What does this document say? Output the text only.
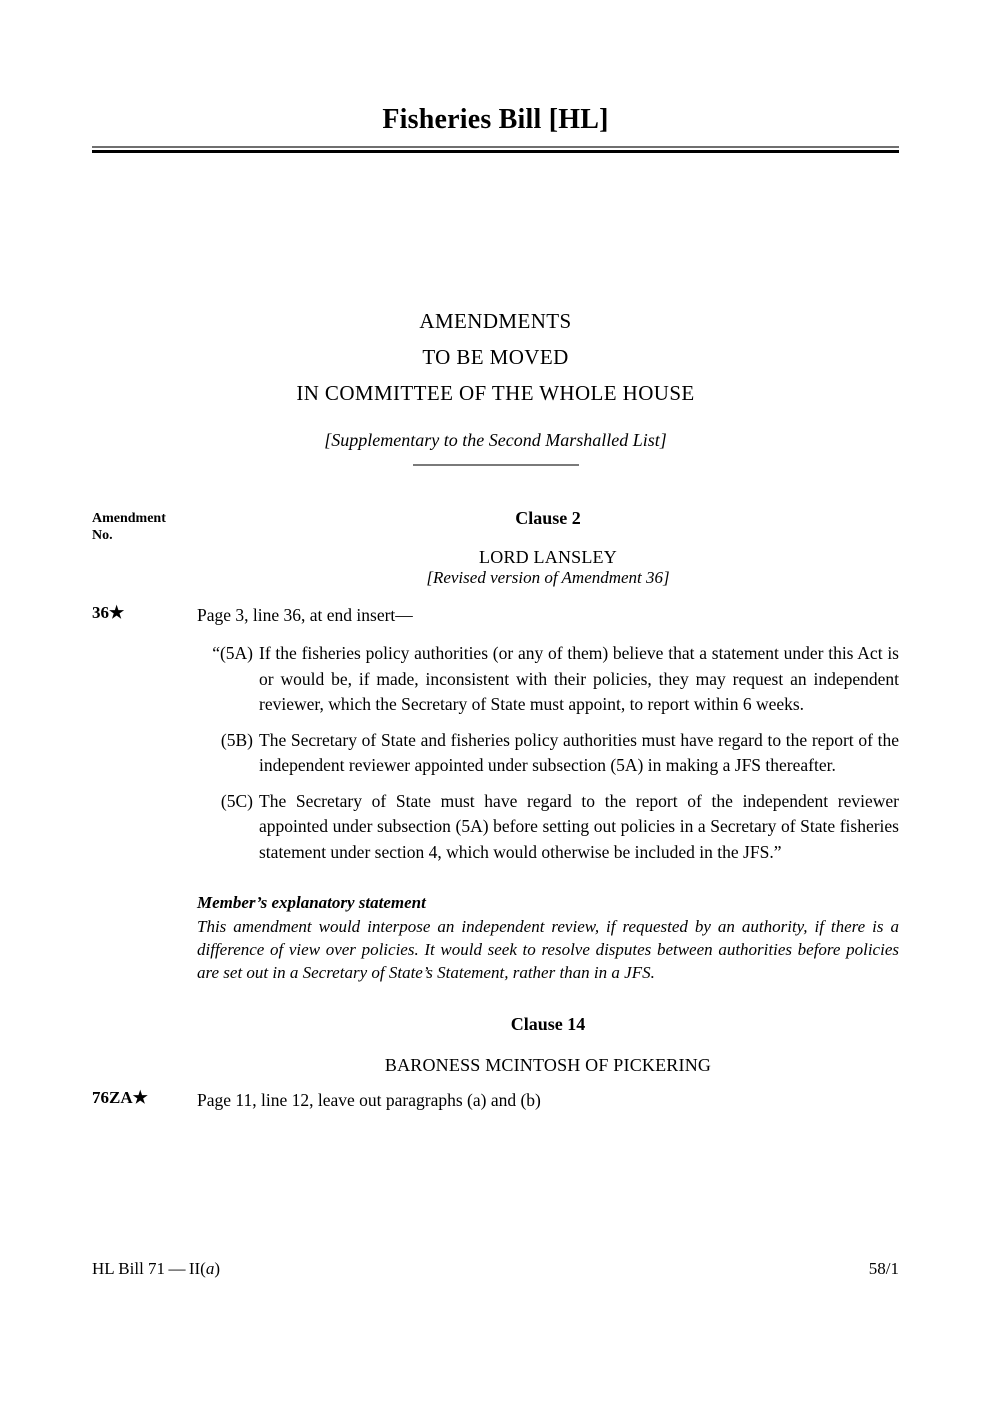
Fisheries Bill [HL]
AMENDMENTS
TO BE MOVED
IN COMMITTEE OF THE WHOLE HOUSE
[Supplementary to the Second Marshalled List]
Amendment
No.
Clause 2
LORD LANSLEY
[Revised version of Amendment 36]
36★	Page 3, line 36, at end insert—
“(5A) If the fisheries policy authorities (or any of them) believe that a statement under this Act is or would be, if made, inconsistent with their policies, they may request an independent reviewer, which the Secretary of State must appoint, to report within 6 weeks.
(5B) The Secretary of State and fisheries policy authorities must have regard to the report of the independent reviewer appointed under subsection (5A) in making a JFS thereafter.
(5C) The Secretary of State must have regard to the report of the independent reviewer appointed under subsection (5A) before setting out policies in a Secretary of State fisheries statement under section 4, which would otherwise be included in the JFS.”
Member’s explanatory statement
This amendment would interpose an independent review, if requested by an authority, if there is a difference of view over policies. It would seek to resolve disputes between authorities before policies are set out in a Secretary of State’s Statement, rather than in a JFS.
Clause 14
BARONESS MCINTOSH OF PICKERING
76ZA★	Page 11, line 12, leave out paragraphs (a) and (b)
HL Bill 71 — II(a)	58/1
